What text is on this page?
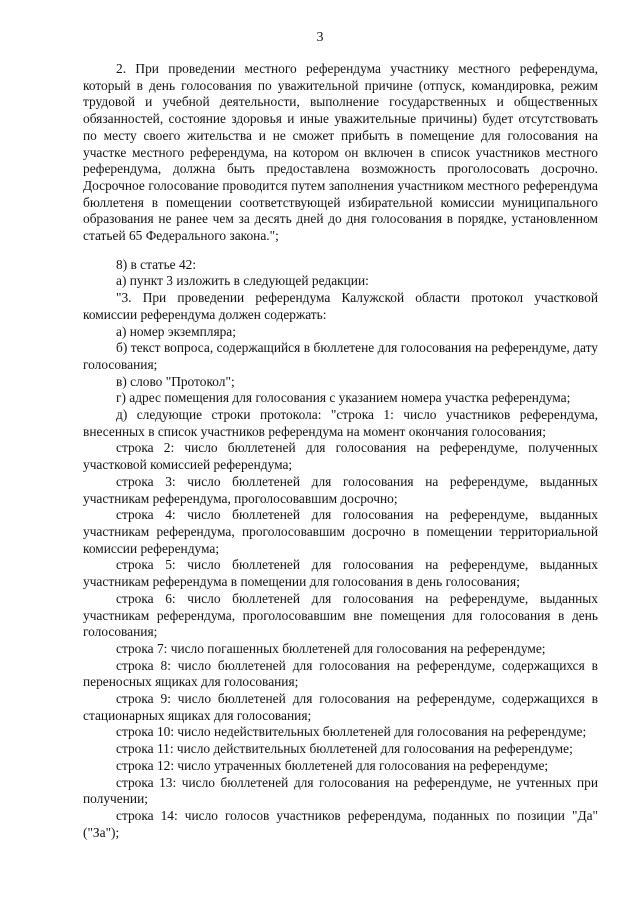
3

2. При проведении местного референдума участнику местного референдума, который в день голосования по уважительной причине (отпуск, командировка, режим трудовой и учебной деятельности, выполнение государственных и общественных обязанностей, состояние здоровья и иные уважительные причины) будет отсутствовать по месту своего жительства и не сможет прибыть в помещение для голосования на участке местного референдума, на котором он включен в список участников местного референдума, должна быть предоставлена возможность проголосовать досрочно. Досрочное голосование проводится путем заполнения участником местного референдума бюллетеня в помещении соответствующей избирательной комиссии муниципального образования не ранее чем за десять дней до дня голосования в порядке, установленном статьей 65 Федерального закона.";

8) в статье 42:

а) пункт 3 изложить в следующей редакции:

"3. При проведении референдума Калужской области протокол участковой комиссии референдума должен содержать:

а) номер экземпляра;

б) текст вопроса, содержащийся в бюллетене для голосования на референдуме, дату голосования;

в) слово "Протокол";

г) адрес помещения для голосования с указанием номера участка референдума;

д) следующие строки протокола: "строка 1: число участников референдума, внесенных в список участников референдума на момент окончания голосования;

строка 2: число бюллетеней для голосования на референдуме, полученных участковой комиссией референдума;

строка 3: число бюллетеней для голосования на референдуме, выданных участникам референдума, проголосовавшим досрочно;

строка 4: число бюллетеней для голосования на референдуме, выданных участникам референдума, проголосовавшим досрочно в помещении территориальной комиссии референдума;

строка 5: число бюллетеней для голосования на референдуме, выданных участникам референдума в помещении для голосования в день голосования;

строка 6: число бюллетеней для голосования на референдуме, выданных участникам референдума, проголосовавшим вне помещения для голосования в день голосования;

строка 7: число погашенных бюллетеней для голосования на референдуме;

строка 8: число бюллетеней для голосования на референдуме, содержащихся в переносных ящиках для голосования;

строка 9: число бюллетеней для голосования на референдуме, содержащихся в стационарных ящиках для голосования;

строка 10: число недействительных бюллетеней для голосования на референдуме;

строка 11: число действительных бюллетеней для голосования на референдуме;

строка 12: число утраченных бюллетеней для голосования на референдуме;

строка 13: число бюллетеней для голосования на референдуме, не учтенных при получении;

строка 14: число голосов участников референдума, поданных по позиции "Да" ("За");
